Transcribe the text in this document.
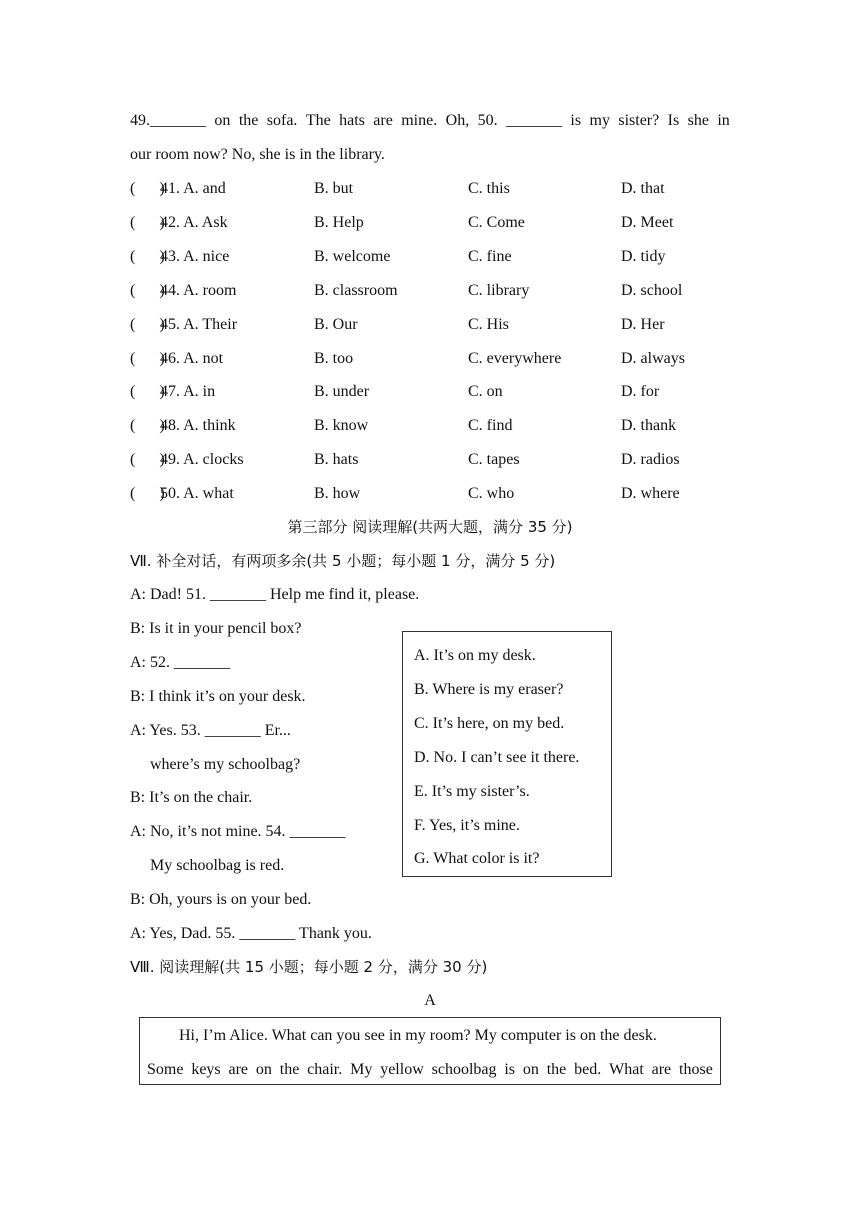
49._______ on the sofa. The hats are mine. Oh, 50. _______ is my sister? Is she in
our room now? No, she is in the library.
(      )
41. A. and	B. but	C. this	D. that
(      )
42. A. Ask	B. Help	C. Come	D. Meet
(      )
43. A. nice	B. welcome	C. fine	D. tidy
(      )
44. A. room	B. classroom	C. library	D. school
(      )
45. A. Their	B. Our	C. His	D. Her
(      )
46. A. not	B. too	C. everywhere	D. always
(      )
47. A. in	B. under	C. on	D. for
(      )
48. A. think	B. know	C. find	D. thank
(      )
49. A. clocks	B. hats	C. tapes	D. radios
(      )
50. A. what	B. how	C. who	D. where
第三部分 阅读理解(共两大题，满分 35 分)
Ⅶ. 补全对话，有两项多余(共 5 小题；每小题 1 分，满分 5 分)
A: Dad! 51. _______ Help me find it, please.
B: Is it in your pencil box?
A: 52. _______
B: I think it’s on your desk.
A: Yes. 53. _______ Er...
where’s my schoolbag?
B: It’s on the chair.
A: No, it’s not mine. 54. _______
My schoolbag is red.
B: Oh, yours is on your bed.
A: Yes, Dad. 55. _______ Thank you.
A. It’s on my desk.
B. Where is my eraser?
C. It’s here, on my bed.
D. No. I can’t see it there.
E. It’s my sister’s.
F. Yes, it’s mine.
G. What color is it?
Ⅷ. 阅读理解(共 15 小题；每小题 2 分，满分 30 分)
A
Hi, I’m Alice. What can you see in my room? My computer is on the desk.
Some keys are on the chair. My yellow schoolbag is on the bed. What are those
